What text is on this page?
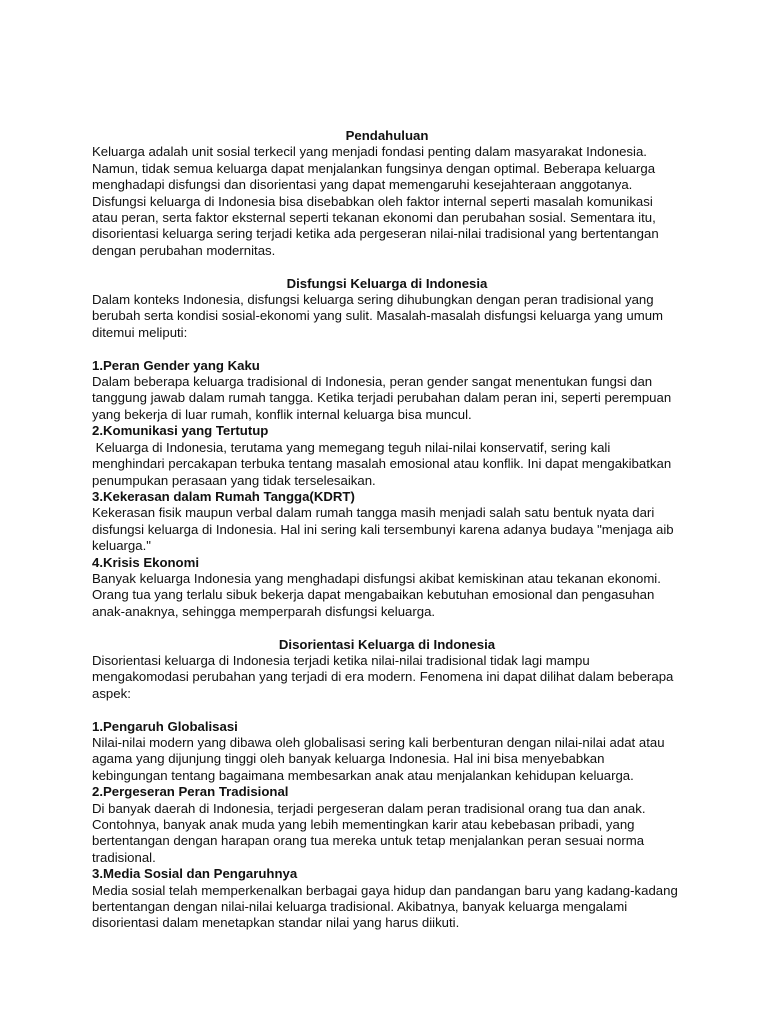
Pendahuluan

Keluarga adalah unit sosial terkecil yang menjadi fondasi penting dalam masyarakat Indonesia. Namun, tidak semua keluarga dapat menjalankan fungsinya dengan optimal. Beberapa keluarga menghadapi disfungsi dan disorientasi yang dapat memengaruhi kesejahteraan anggotanya. Disfungsi keluarga di Indonesia bisa disebabkan oleh faktor internal seperti masalah komunikasi atau peran, serta faktor eksternal seperti tekanan ekonomi dan perubahan sosial. Sementara itu, disorientasi keluarga sering terjadi ketika ada pergeseran nilai-nilai tradisional yang bertentangan dengan perubahan modernitas.

Disfungsi Keluarga di Indonesia

Dalam konteks Indonesia, disfungsi keluarga sering dihubungkan dengan peran tradisional yang berubah serta kondisi sosial-ekonomi yang sulit. Masalah-masalah disfungsi keluarga yang umum ditemui meliputi:

1.Peran Gender yang Kaku

Dalam beberapa keluarga tradisional di Indonesia, peran gender sangat menentukan fungsi dan tanggung jawab dalam rumah tangga. Ketika terjadi perubahan dalam peran ini, seperti perempuan yang bekerja di luar rumah, konflik internal keluarga bisa muncul.

2.Komunikasi yang Tertutup

Keluarga di Indonesia, terutama yang memegang teguh nilai-nilai konservatif, sering kali menghindari percakapan terbuka tentang masalah emosional atau konflik. Ini dapat mengakibatkan penumpukan perasaan yang tidak terselesaikan.

3.Kekerasan dalam Rumah Tangga(KDRT)

Kekerasan fisik maupun verbal dalam rumah tangga masih menjadi salah satu bentuk nyata dari disfungsi keluarga di Indonesia. Hal ini sering kali tersembunyi karena adanya budaya "menjaga aib keluarga."

4.Krisis Ekonomi

Banyak keluarga Indonesia yang menghadapi disfungsi akibat kemiskinan atau tekanan ekonomi. Orang tua yang terlalu sibuk bekerja dapat mengabaikan kebutuhan emosional dan pengasuhan anak-anaknya, sehingga memperparah disfungsi keluarga.

Disorientasi Keluarga di Indonesia

Disorientasi keluarga di Indonesia terjadi ketika nilai-nilai tradisional tidak lagi mampu mengakomodasi perubahan yang terjadi di era modern. Fenomena ini dapat dilihat dalam beberapa aspek:

1.Pengaruh Globalisasi

Nilai-nilai modern yang dibawa oleh globalisasi sering kali berbenturan dengan nilai-nilai adat atau agama yang dijunjung tinggi oleh banyak keluarga Indonesia. Hal ini bisa menyebabkan kebingungan tentang bagaimana membesarkan anak atau menjalankan kehidupan keluarga.

2.Pergeseran Peran Tradisional

Di banyak daerah di Indonesia, terjadi pergeseran dalam peran tradisional orang tua dan anak. Contohnya, banyak anak muda yang lebih mementingkan karir atau kebebasan pribadi, yang bertentangan dengan harapan orang tua mereka untuk tetap menjalankan peran sesuai norma tradisional.

3.Media Sosial dan Pengaruhnya

Media sosial telah memperkenalkan berbagai gaya hidup dan pandangan baru yang kadang-kadang bertentangan dengan nilai-nilai keluarga tradisional. Akibatnya, banyak keluarga mengalami disorientasi dalam menetapkan standar nilai yang harus diikuti.
